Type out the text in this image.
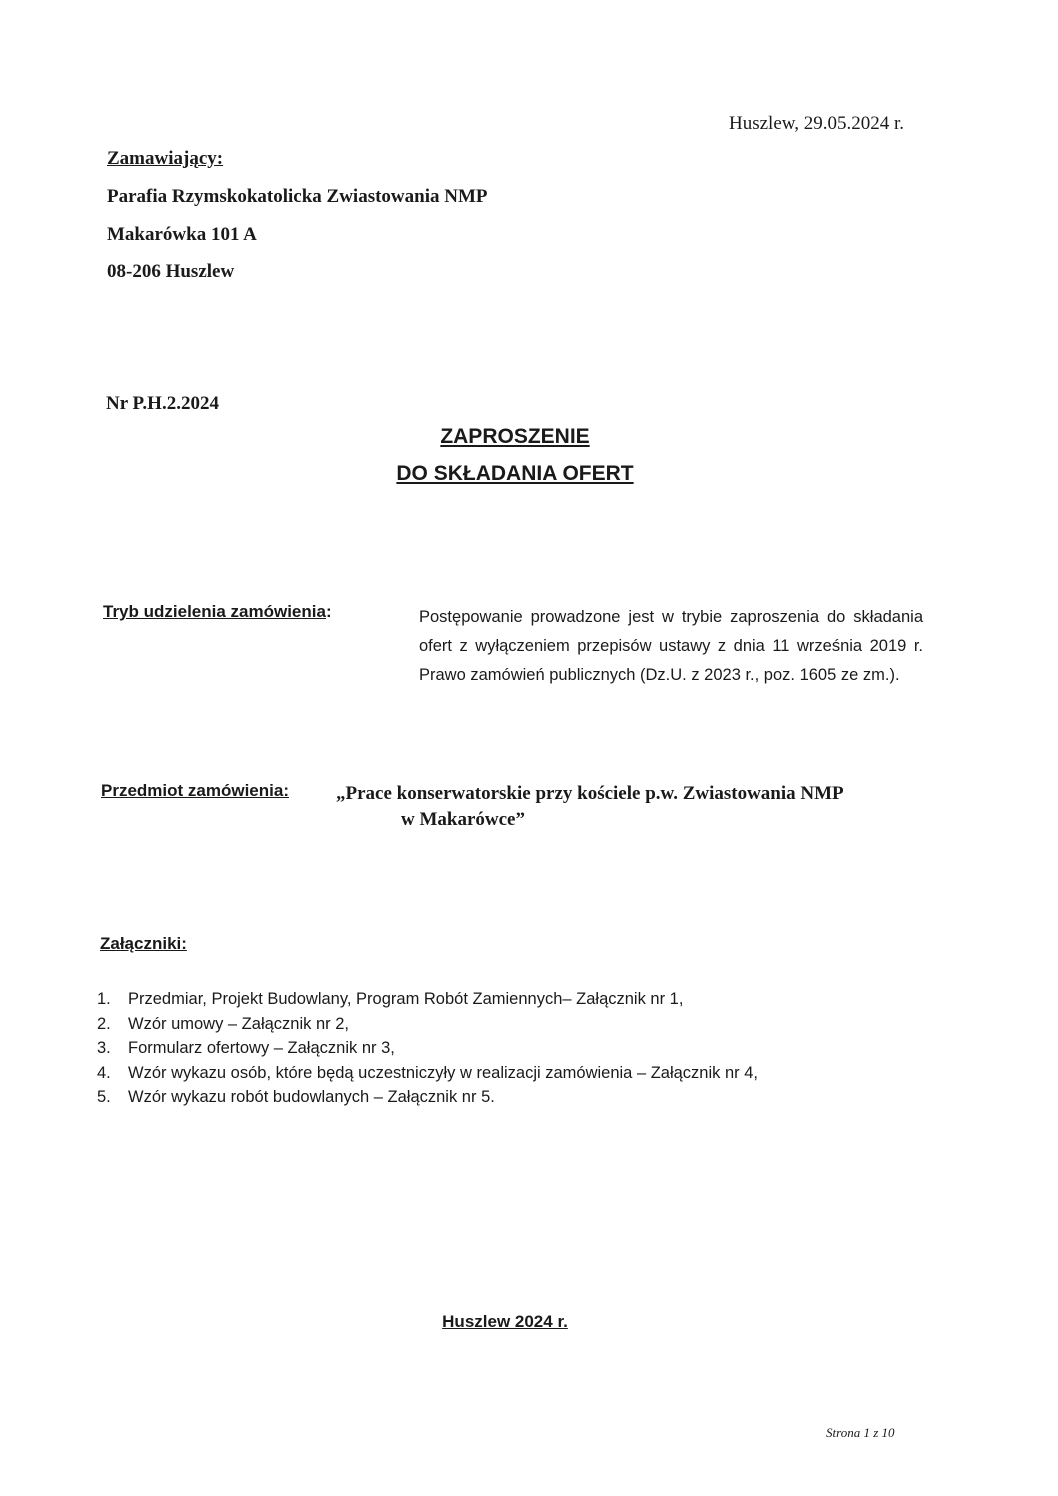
Huszlew, 29.05.2024 r.
Zamawiający:
Parafia Rzymskokatolicka Zwiastowania NMP
Makarówka 101 A
08-206 Huszlew
Nr P.H.2.2024
ZAPROSZENIE
DO SKŁADANIA OFERT
Tryb udzielenia zamówienia:	Postępowanie prowadzone jest w trybie zaproszenia do składania ofert z wyłączeniem przepisów ustawy z dnia 11 września 2019 r. Prawo zamówień publicznych (Dz.U. z 2023 r., poz. 1605 ze zm.).
Przedmiot zamówienia: „Prace konserwatorskie przy kościele p.w. Zwiastowania NMP
w Makarówce”
Załączniki:
1. Przedmiar, Projekt Budowlany, Program Robót Zamiennych– Załącznik nr 1,
2. Wzór umowy – Załącznik nr 2,
3. Formularz ofertowy – Załącznik nr 3,
4. Wzór wykazu osób, które będą uczestniczyły w realizacji zamówienia – Załącznik nr 4,
5. Wzór wykazu robót budowlanych – Załącznik nr 5.
Huszlew 2024 r.
Strona 1 z 10
